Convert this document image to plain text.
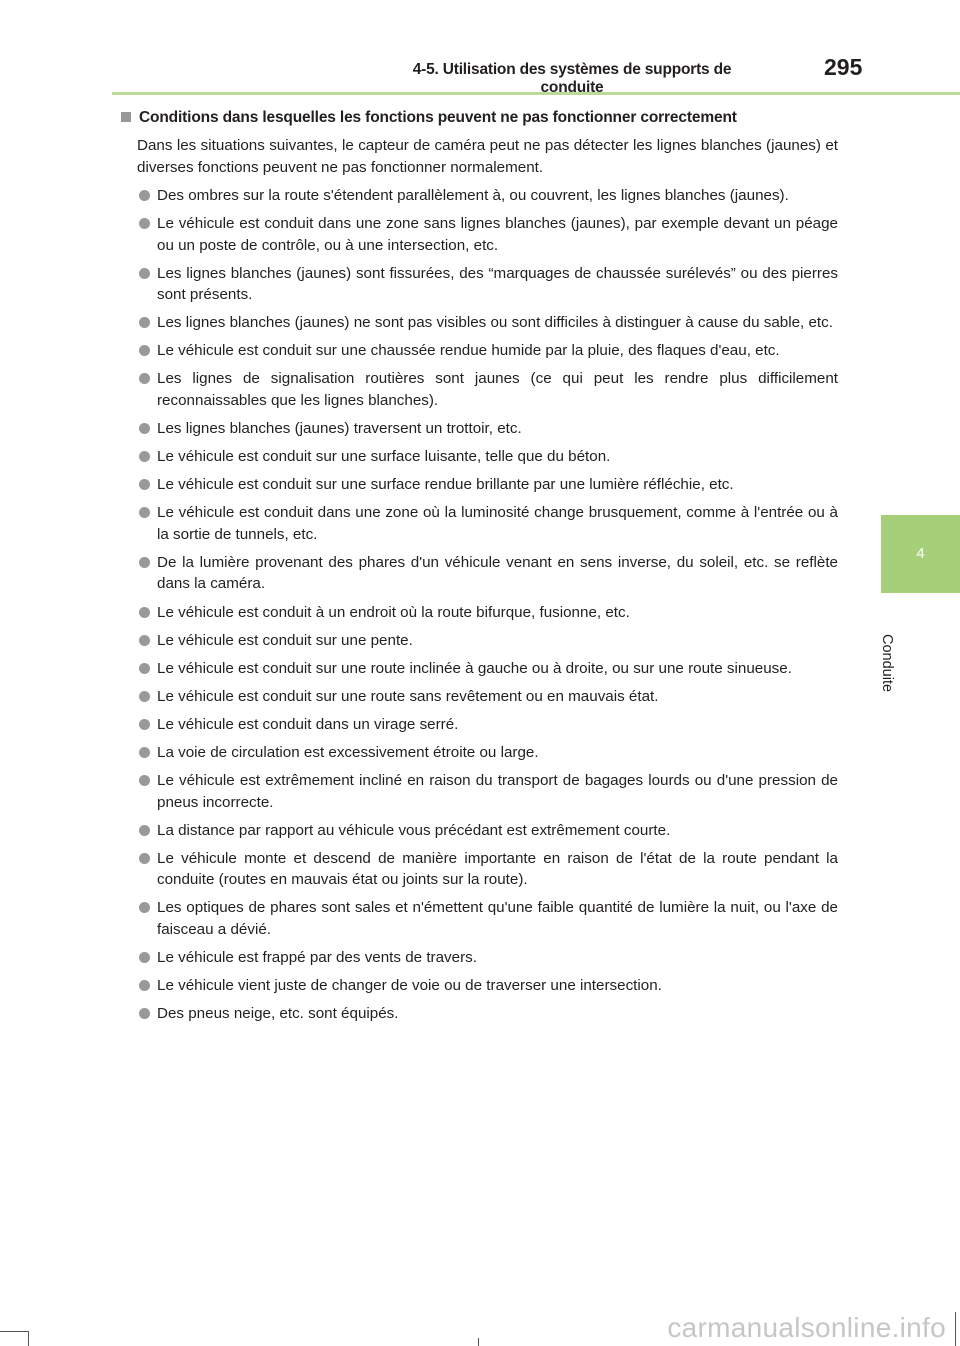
4-5. Utilisation des systèmes de supports de conduite
295
4
Conduite
Conditions dans lesquelles les fonctions peuvent ne pas fonctionner correctement

Dans les situations suivantes, le capteur de caméra peut ne pas détecter les lignes blanches (jaunes) et diverses fonctions peuvent ne pas fonctionner normalement.

Des ombres sur la route s'étendent parallèlement à, ou couvrent, les lignes blanches (jaunes).
Le véhicule est conduit dans une zone sans lignes blanches (jaunes), par exemple devant un péage ou un poste de contrôle, ou à une intersection, etc.
Les lignes blanches (jaunes) sont fissurées, des “marquages de chaussée surélevés” ou des pierres sont présents.
Les lignes blanches (jaunes) ne sont pas visibles ou sont difficiles à distinguer à cause du sable, etc.
Le véhicule est conduit sur une chaussée rendue humide par la pluie, des flaques d'eau, etc.
Les lignes de signalisation routières sont jaunes (ce qui peut les rendre plus difficilement reconnaissables que les lignes blanches).
Les lignes blanches (jaunes) traversent un trottoir, etc.
Le véhicule est conduit sur une surface luisante, telle que du béton.
Le véhicule est conduit sur une surface rendue brillante par une lumière réfléchie, etc.
Le véhicule est conduit dans une zone où la luminosité change brusquement, comme à l'entrée ou à la sortie de tunnels, etc.
De la lumière provenant des phares d'un véhicule venant en sens inverse, du soleil, etc. se reflète dans la caméra.
Le véhicule est conduit à un endroit où la route bifurque, fusionne, etc.
Le véhicule est conduit sur une pente.
Le véhicule est conduit sur une route inclinée à gauche ou à droite, ou sur une route sinueuse.
Le véhicule est conduit sur une route sans revêtement ou en mauvais état.
Le véhicule est conduit dans un virage serré.
La voie de circulation est excessivement étroite ou large.
Le véhicule est extrêmement incliné en raison du transport de bagages lourds ou d'une pression de pneus incorrecte.
La distance par rapport au véhicule vous précédant est extrêmement courte.
Le véhicule monte et descend de manière importante en raison de l'état de la route pendant la conduite (routes en mauvais état ou joints sur la route).
Les optiques de phares sont sales et n'émettent qu'une faible quantité de lumière la nuit, ou l'axe de faisceau a dévié.
Le véhicule est frappé par des vents de travers.
Le véhicule vient juste de changer de voie ou de traverser une intersection.
Des pneus neige, etc. sont équipés.
carmanualsonline.info
